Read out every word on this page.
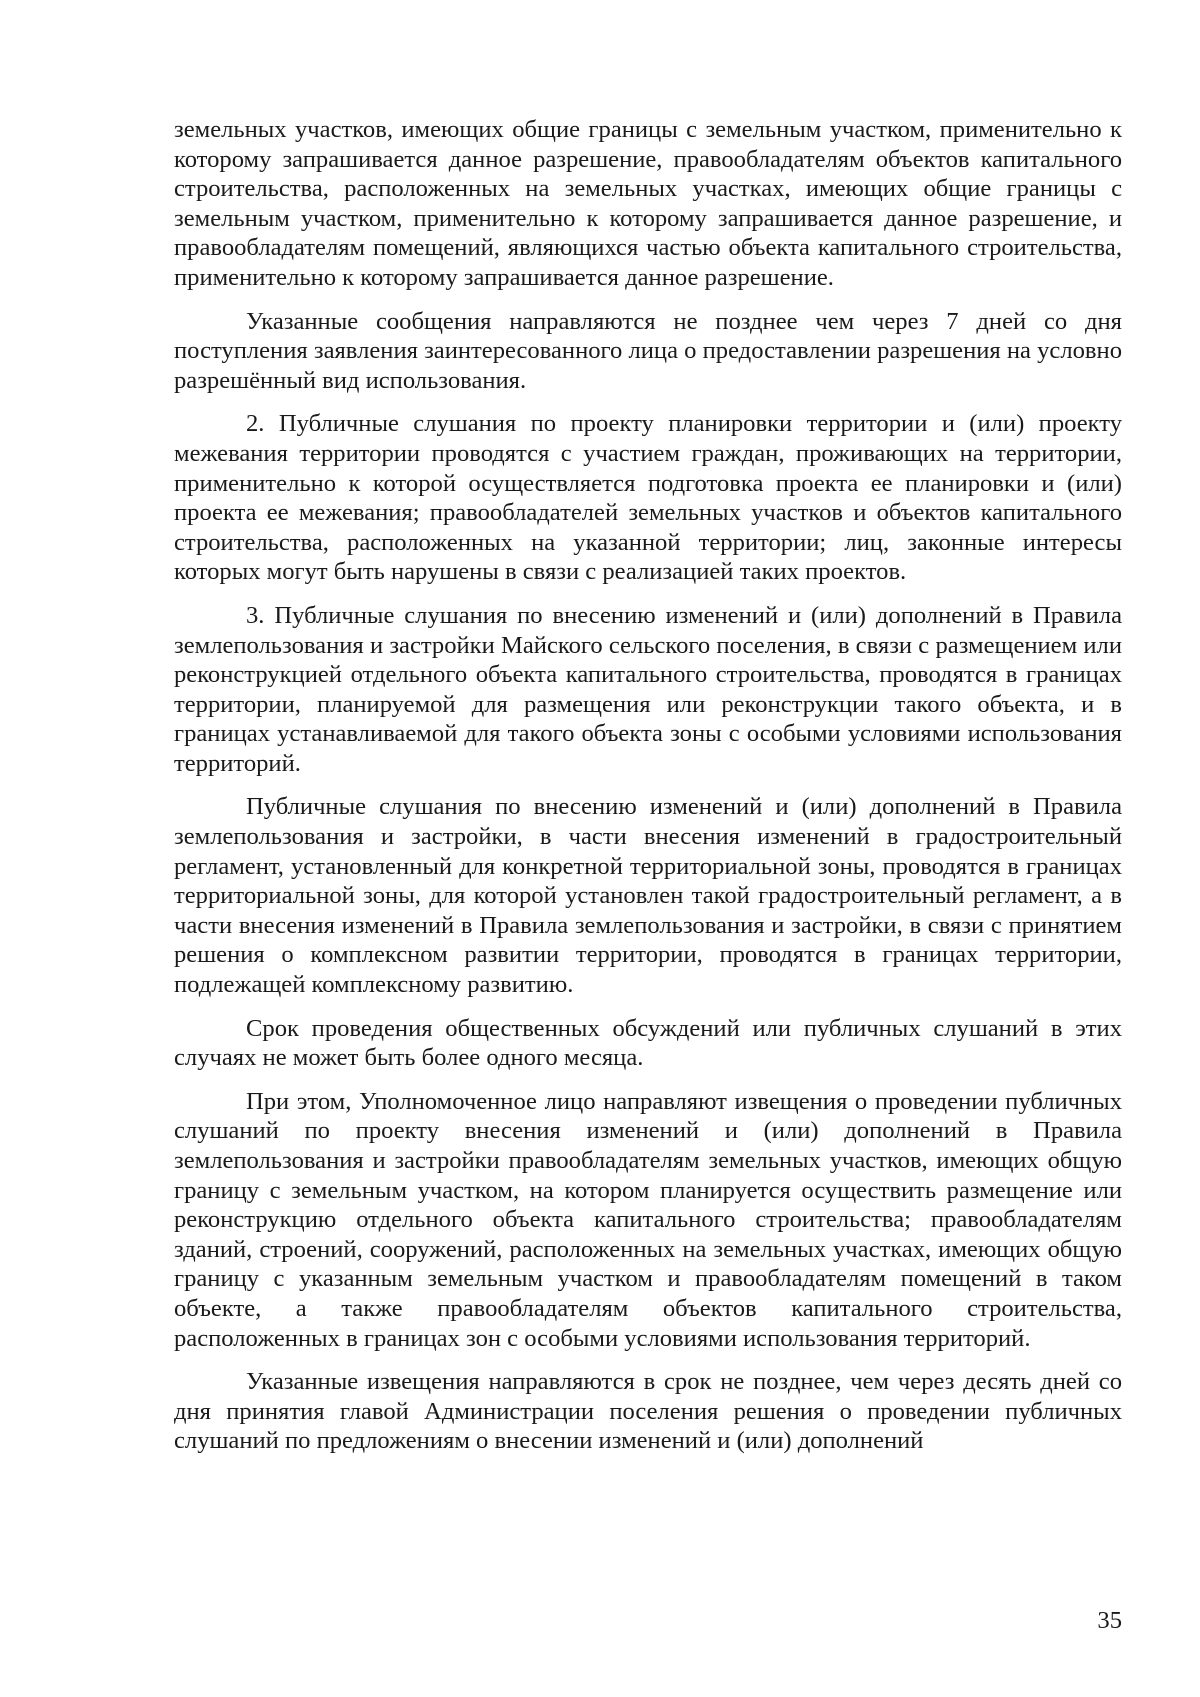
земельных участков, имеющих общие границы с земельным участком, применительно к которому запрашивается данное разрешение, правообладателям объектов капитального строительства, расположенных на земельных участках, имеющих общие границы с земельным участком, применительно к которому запрашивается данное разрешение, и правообладателям помещений, являющихся частью объекта капитального строительства, применительно к которому запрашивается данное разрешение.

Указанные сообщения направляются не позднее чем через 7 дней со дня поступления заявления заинтересованного лица о предоставлении разрешения на условно разрешённый вид использования.

2. Публичные слушания по проекту планировки территории и (или) проекту межевания территории проводятся с участием граждан, проживающих на территории, применительно к которой осуществляется подготовка проекта ее планировки и (или) проекта ее межевания; правообладателей земельных участков и объектов капитального строительства, расположенных на указанной территории; лиц, законные интересы которых могут быть нарушены в связи с реализацией таких проектов.

3. Публичные слушания по внесению изменений и (или) дополнений в Правила землепользования и застройки Майского сельского поселения, в связи с размещением или реконструкцией отдельного объекта капитального строительства, проводятся в границах территории, планируемой для размещения или реконструкции такого объекта, и в границах устанавливаемой для такого объекта зоны с особыми условиями использования территорий.

Публичные слушания по внесению изменений и (или) дополнений в Правила землепользования и застройки, в части внесения изменений в градостроительный регламент, установленный для конкретной территориальной зоны, проводятся в границах территориальной зоны, для которой установлен такой градостроительный регламент, а в части внесения изменений в Правила землепользования и застройки, в связи с принятием решения о комплексном развитии территории, проводятся в границах территории, подлежащей комплексному развитию.

Срок проведения общественных обсуждений или публичных слушаний в этих случаях не может быть более одного месяца.

При этом, Уполномоченное лицо направляют извещения о проведении публичных слушаний по проекту внесения изменений и (или) дополнений в Правила землепользования и застройки правообладателям земельных участков, имеющих общую границу с земельным участком, на котором планируется осуществить размещение или реконструкцию отдельного объекта капитального строительства; правообладателям зданий, строений, сооружений, расположенных на земельных участках, имеющих общую границу с указанным земельным участком и правообладателям помещений в таком объекте, а также правообладателям объектов капитального строительства, расположенных в границах зон с особыми условиями использования территорий.

Указанные извещения направляются в срок не позднее, чем через десять дней со дня принятия главой Администрации поселения решения о проведении публичных слушаний по предложениям о внесении изменений и (или) дополнений

35
